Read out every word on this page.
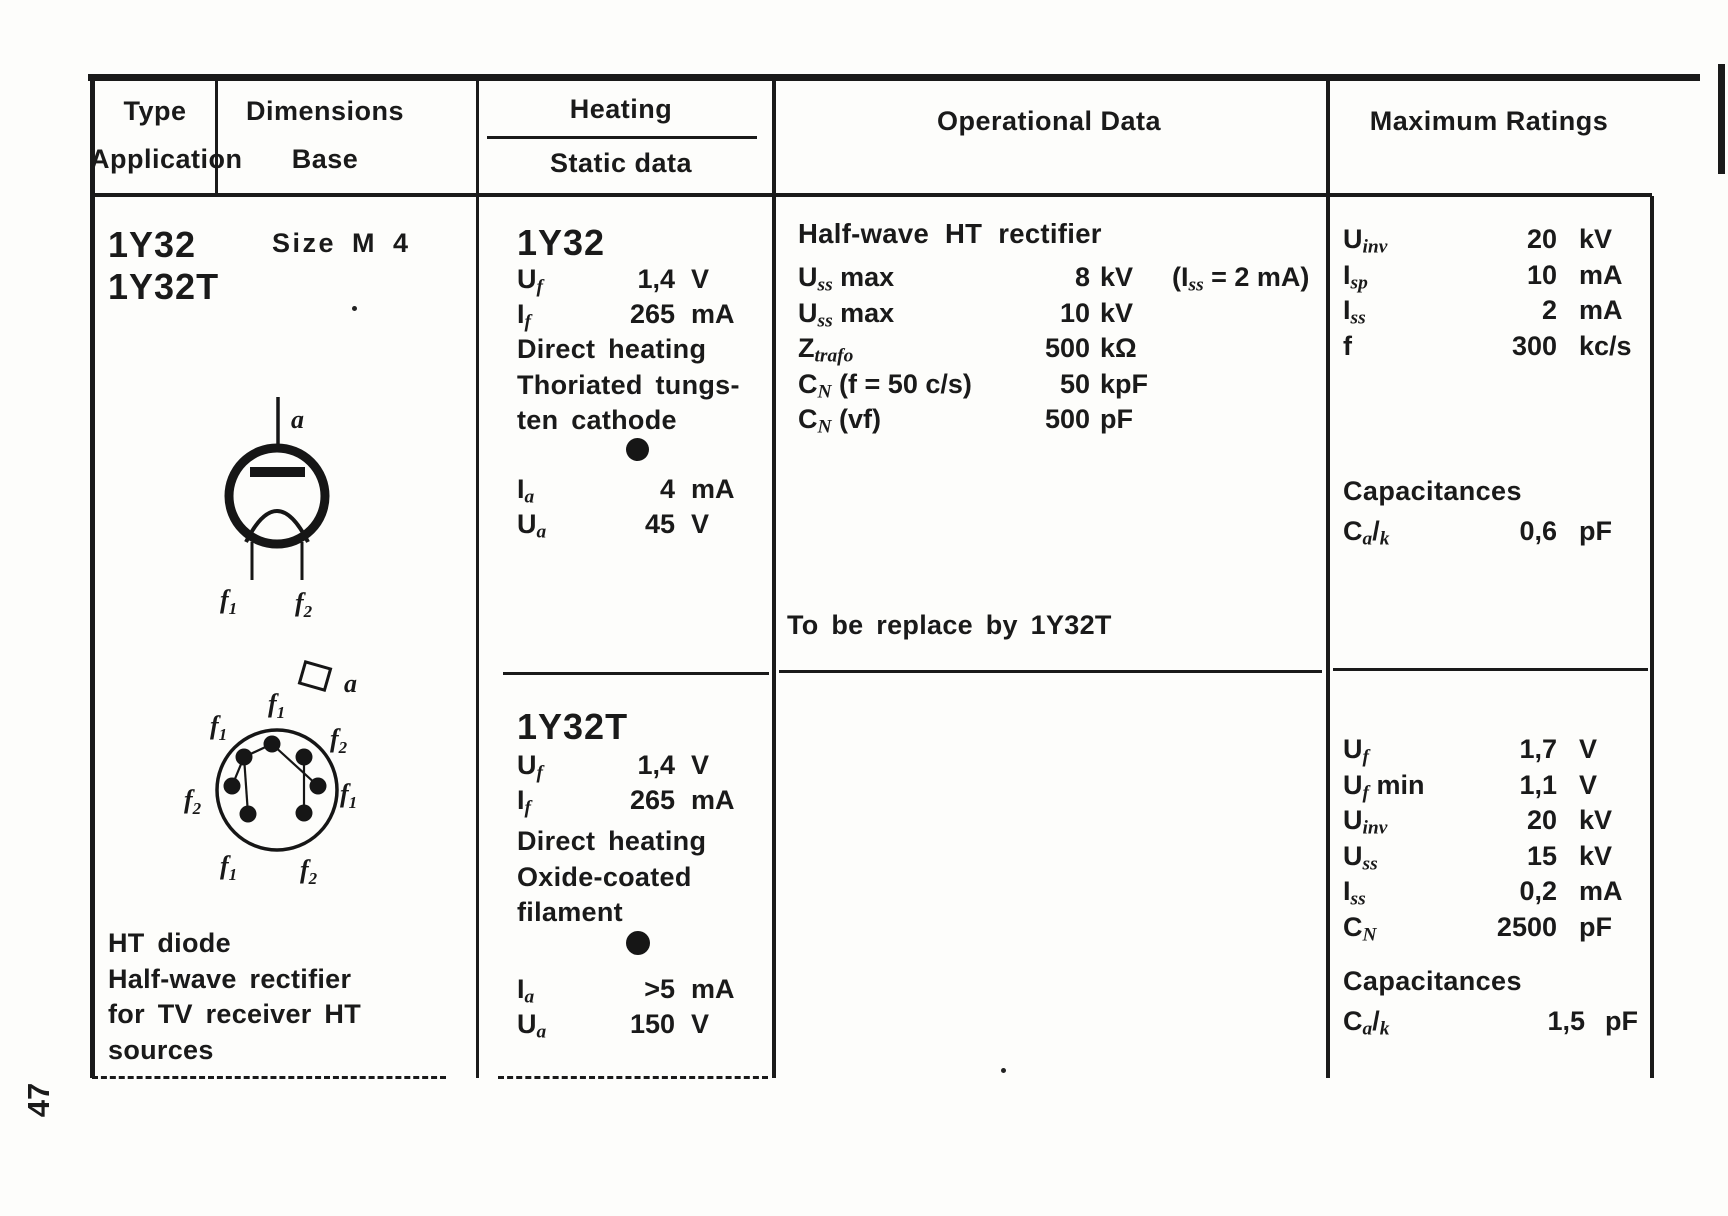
47
Type
Application
Dimensions
Base
Heating
Static data
Operational Data	Maximum Ratings
1Y32
1Y32T
Size M 4
a
$f_1$ $f_2$
a
$f_1$
$f_1$	$f_2$
$f_2$
$f_1$
$f_1$ $f_2$
HT diode
Half-wave rectifier
for TV receiver HT
sources
1Y32
$U_f$	1,4 V
$I_f$	265 mA
Direct heating
Thoriated tungs-
ten cathode
$I_a$	4 mA
$U_a$	45 V
1Y32T
$U_f$	1,4 V
$I_f$	265 mA
Direct heating
Oxide-coated
filament
$I_a$	>5 mA
$U_a$	150 V
Half-wave HT rectifier
$U_{ss}$ max	8 kV	($I_{ss} = 2$ mA)
$U_{ss}$ max	10 kV
$Z_{trafo}$	500 kΩ
$C_N$ (f = 50 c/s)	50 kpF
$C_N$ (vf)	500 pF
To be replace by 1Y32T
$U_{inv}$	20 kV
$I_{sp}$	10 mA
$I_{ss}$	2 mA
f	300 kc/s
Capacitances
$C_a/_k$	0,6 pF
$U_f$	1,7 V
$U_f$ min	1,1 V
$U_{inv}$	20 kV
$U_{ss}$	15 kV
$I_{ss}$	0,2 mA
$C_N$	2500 pF
Capacitances
$C_a/_k$	1,5 pF
